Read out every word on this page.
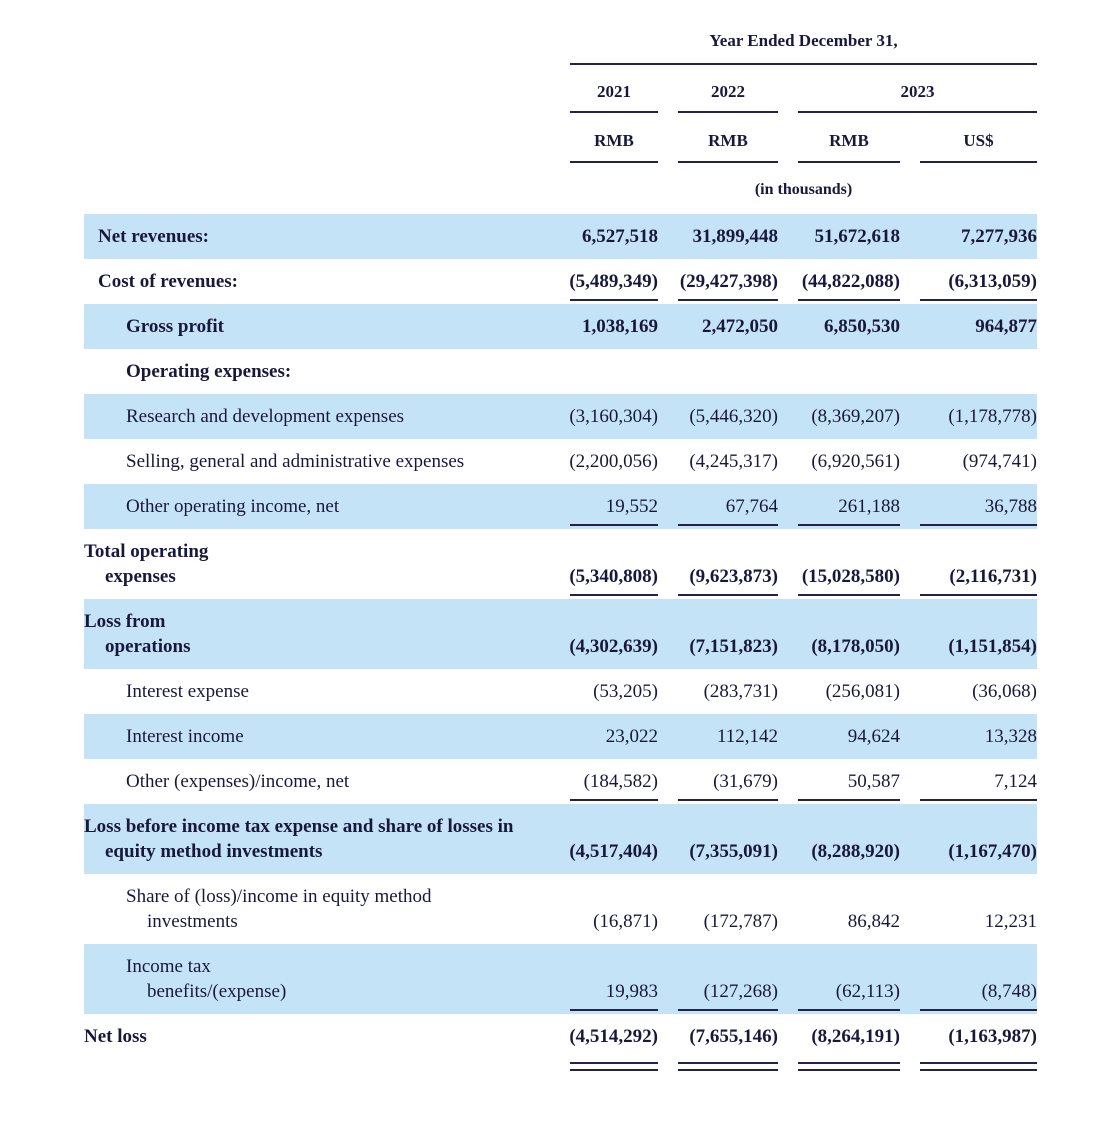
Year Ended December 31,
2021	2022	2023
RMB	RMB	RMB	US$
(in thousands)
Net revenues:	6,527,518	31,899,448	51,672,618	7,277,936
Cost of revenues:	(5,489,349) (29,427,398) (44,822,088)	(6,313,059)
Gross profit	1,038,169	2,472,050	6,850,530	964,877
Operating expenses:
Research and development expenses	(3,160,304)	(5,446,320)	(8,369,207)	(1,178,778)
Selling, general and administrative expenses	(2,200,056)	(4,245,317)	(6,920,561)	(974,741)
Other operating income, net	19,552	67,764	261,188	36,788
Total operating
expenses	(5,340,808)	(9,623,873) (15,028,580)	(2,116,731)
Loss from
operations	(4,302,639)	(7,151,823)	(8,178,050)	(1,151,854)
Interest expense	(53,205)	(283,731)	(256,081)	(36,068)
Interest income	23,022	112,142	94,624	13,328
Other (expenses)/income, net	(184,582)	(31,679)	50,587	7,124
Loss before income tax expense and share of losses in
equity method investments	(4,517,404)	(7,355,091)	(8,288,920)	(1,167,470)
Share of (loss)/income in equity method
investments	(16,871)	(172,787)	86,842	12,231
Income tax
benefits/(expense)	19,983	(127,268)	(62,113)	(8,748)
Net loss	(4,514,292)	(7,655,146)	(8,264,191)	(1,163,987)
